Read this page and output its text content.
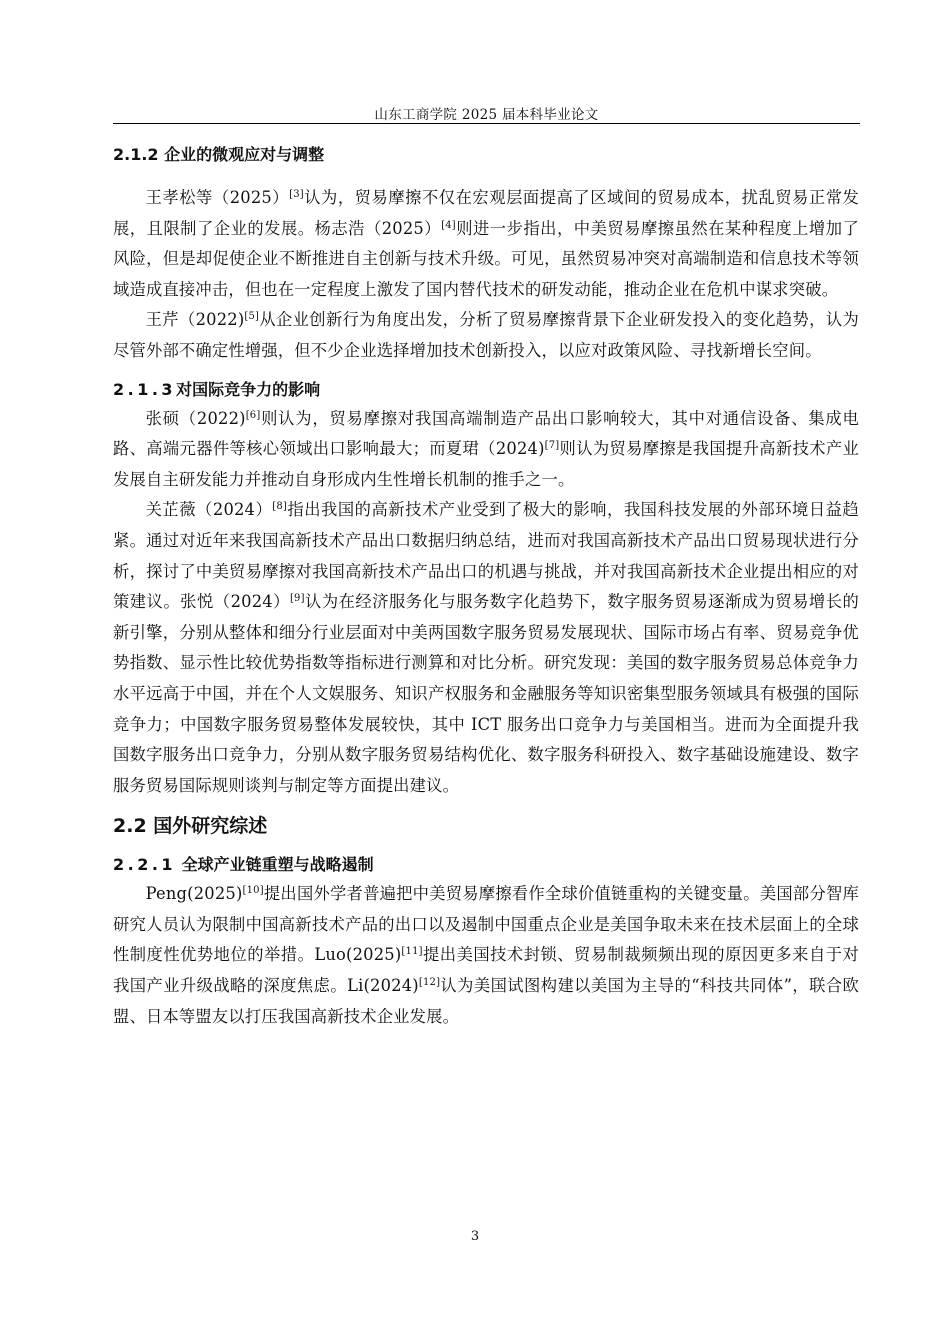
山东工商学院 2025 届本科毕业论文
2.1.2 企业的微观应对与调整

王孝松等（2025）[3]认为，贸易摩擦不仅在宏观层面提高了区域间的贸易成本，扰乱贸易正常发展，且限制了企业的发展。杨志浩（2025）[4]则进一步指出，中美贸易摩擦虽然在某种程度上增加了风险，但是却促使企业不断推进自主创新与技术升级。可见，虽然贸易冲突对高端制造和信息技术等领域造成直接冲击，但也在一定程度上激发了国内替代技术的研发动能，推动企业在危机中谋求突破。

王芹（2022)[5]从企业创新行为角度出发，分析了贸易摩擦背景下企业研发投入的变化趋势，认为尽管外部不确定性增强，但不少企业选择增加技术创新投入，以应对政策风险、寻找新增长空间。

2.1.3对国际竞争力的影响

张硕（2022)[6]则认为，贸易摩擦对我国高端制造产品出口影响较大，其中对通信设备、集成电路、高端元器件等核心领域出口影响最大；而夏珺（2024)[7]则认为贸易摩擦是我国提升高新技术产业发展自主研发能力并推动自身形成内生性增长机制的推手之一。

关芷薇（2024）[8]指出我国的高新技术产业受到了极大的影响，我国科技发展的外部环境日益趋紧。通过对近年来我国高新技术产品出口数据归纳总结，进而对我国高新技术产品出口贸易现状进行分析，探讨了中美贸易摩擦对我国高新技术产品出口的机遇与挑战，并对我国高新技术企业提出相应的对策建议。张悦（2024）[9]认为在经济服务化与服务数字化趋势下，数字服务贸易逐渐成为贸易增长的新引擎，分别从整体和细分行业层面对中美两国数字服务贸易发展现状、国际市场占有率、贸易竞争优势指数、显示性比较优势指数等指标进行测算和对比分析。研究发现：美国的数字服务贸易总体竞争力水平远高于中国，并在个人文娱服务、知识产权服务和金融服务等知识密集型服务领域具有极强的国际竞争力；中国数字服务贸易整体发展较快，其中 ICT 服务出口竞争力与美国相当。进而为全面提升我国数字服务出口竞争力，分别从数字服务贸易结构优化、数字服务科研投入、数字基础设施建设、数字服务贸易国际规则谈判与制定等方面提出建议。

2.2 国外研究综述
2.2.1 全球产业链重塑与战略遏制

Peng(2025)[10]提出国外学者普遍把中美贸易摩擦看作全球价值链重构的关键变量。美国部分智库研究人员认为限制中国高新技术产品的出口以及遏制中国重点企业是美国争取未来在技术层面上的全球性制度性优势地位的举措。Luo(2025)[11]提出美国技术封锁、贸易制裁频频出现的原因更多来自于对我国产业升级战略的深度焦虑。Li(2024)[12]认为美国试图构建以美国为主导的“科技共同体”，联合欧盟、日本等盟友以打压我国高新技术企业发展。

3
